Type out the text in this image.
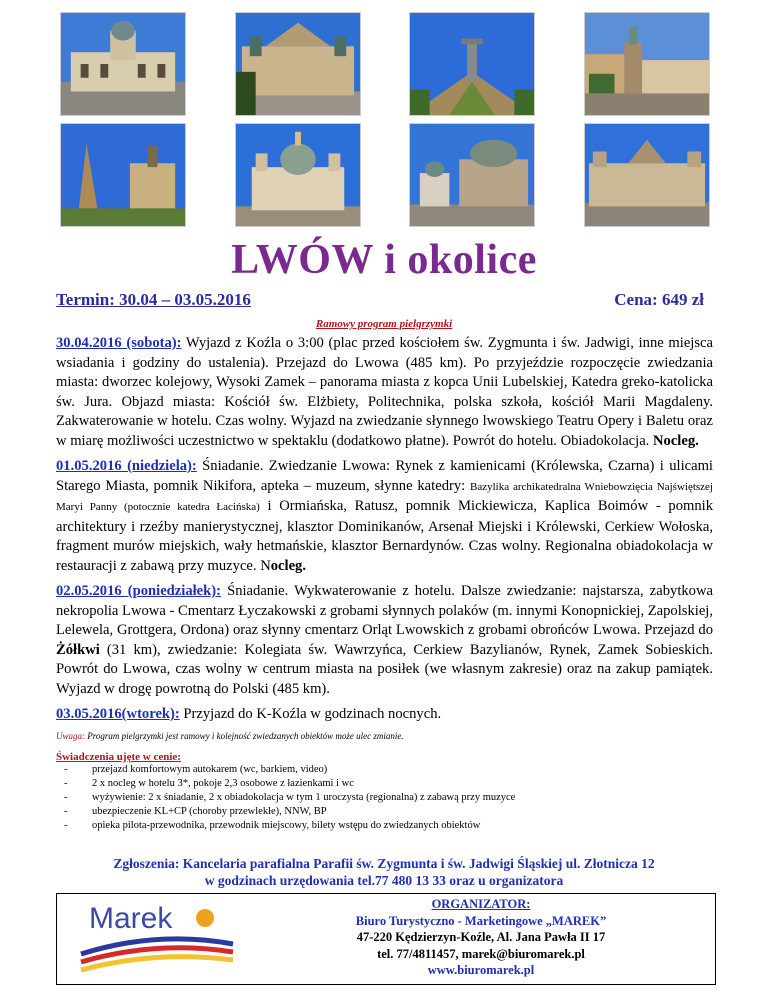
LWÓW i okolice
Termin: 30.04 – 03.05.2016	Cena: 649 zł
Ramowy program pielgrzymki

30.04.2016 (sobota): Wyjazd z Koźla o 3:00 (plac przed kościołem św. Zygmunta i św. Jadwigi, inne miejsca wsiadania i godziny do ustalenia). Przejazd do Lwowa (485 km). Po przyjeździe rozpoczęcie zwiedzania miasta: dworzec kolejowy, Wysoki Zamek – panorama miasta z kopca Unii Lubelskiej, Katedra greko-katolicka św. Jura. Objazd miasta: Kościół św. Elżbiety, Politechnika, polska szkoła, kościół Marii Magdaleny. Zakwaterowanie w hotelu. Czas wolny. Wyjazd na zwiedzanie słynnego lwowskiego Teatru Opery i Baletu oraz w miarę możliwości uczestnictwo w spektaklu (dodatkowo płatne). Powrót do hotelu. Obiadokolacja. Nocleg.

01.05.2016 (niedziela): Śniadanie. Zwiedzanie Lwowa: Rynek z kamienicami (Królewska, Czarna) i ulicami Starego Miasta, pomnik Nikifora, apteka – muzeum, słynne katedry: Bazylika archikatedralna Wniebowzięcia Najświętszej Maryi Panny (potocznie katedra Łacińska) i Ormiańska, Ratusz, pomnik Mickiewicza, Kaplica Boimów - pomnik architektury i rzeźby manierystycznej, klasztor Dominikanów, Arsenał Miejski i Królewski, Cerkiew Wołoska, fragment murów miejskich, wały hetmańskie, klasztor Bernardynów. Czas wolny. Regionalna obiadokolacja w restauracji z zabawą przy muzyce. Nocleg.

02.05.2016 (poniedziałek): Śniadanie. Wykwaterowanie z hotelu. Dalsze zwiedzanie: najstarsza, zabytkowa nekropolia Lwowa - Cmentarz Łyczakowski z grobami słynnych polaków (m. innymi Konopnickiej, Zapolskiej, Lelewela, Grottgera, Ordona) oraz słynny cmentarz Orląt Lwowskich z grobami obrońców Lwowa. Przejazd do Żółkwi (31 km), zwiedzanie: Kolegiata św. Wawrzyńca, Cerkiew Bazylianów, Rynek, Zamek Sobieskich. Powrót do Lwowa, czas wolny w centrum miasta na posiłek (we własnym zakresie) oraz na zakup pamiątek. Wyjazd w drogę powrotną do Polski (485 km).

03.05.2016(wtorek): Przyjazd do K-Koźla w godzinach nocnych.

Uwaga: Program pielgrzymki jest ramowy i kolejność zwiedzanych obiektów może ulec zmianie.

Świadczenia ujęte w cenie:
-	przejazd komfortowym autokarem (wc, barkiem, video)
-	2 x nocleg w hotelu 3*, pokoje 2,3 osobowe z łazienkami i wc
-	wyżywienie: 2 x śniadanie, 2 x obiadokolacja w tym 1 uroczysta (regionalna) z zabawą przy muzyce
-	ubezpieczenie KL+CP (choroby przewlekłe), NNW, BP
-	opieka pilota-przewodnika, przewodnik miejscowy, bilety wstępu do zwiedzanych obiektów
Zgłoszenia: Kancelaria parafialna Parafii św. Zygmunta i św. Jadwigi Śląskiej ul. Złotnicza 12
w godzinach urzędowania tel.77 480 13 33 oraz u organizatora
Marek	ORGANIZATOR:
Biuro Turystyczno - Marketingowe „MAREK”
47-220 Kędzierzyn-Koźle, Al. Jana Pawła II 17
tel. 77/4811457, marek@biuromarek.pl
www.biuromarek.pl
